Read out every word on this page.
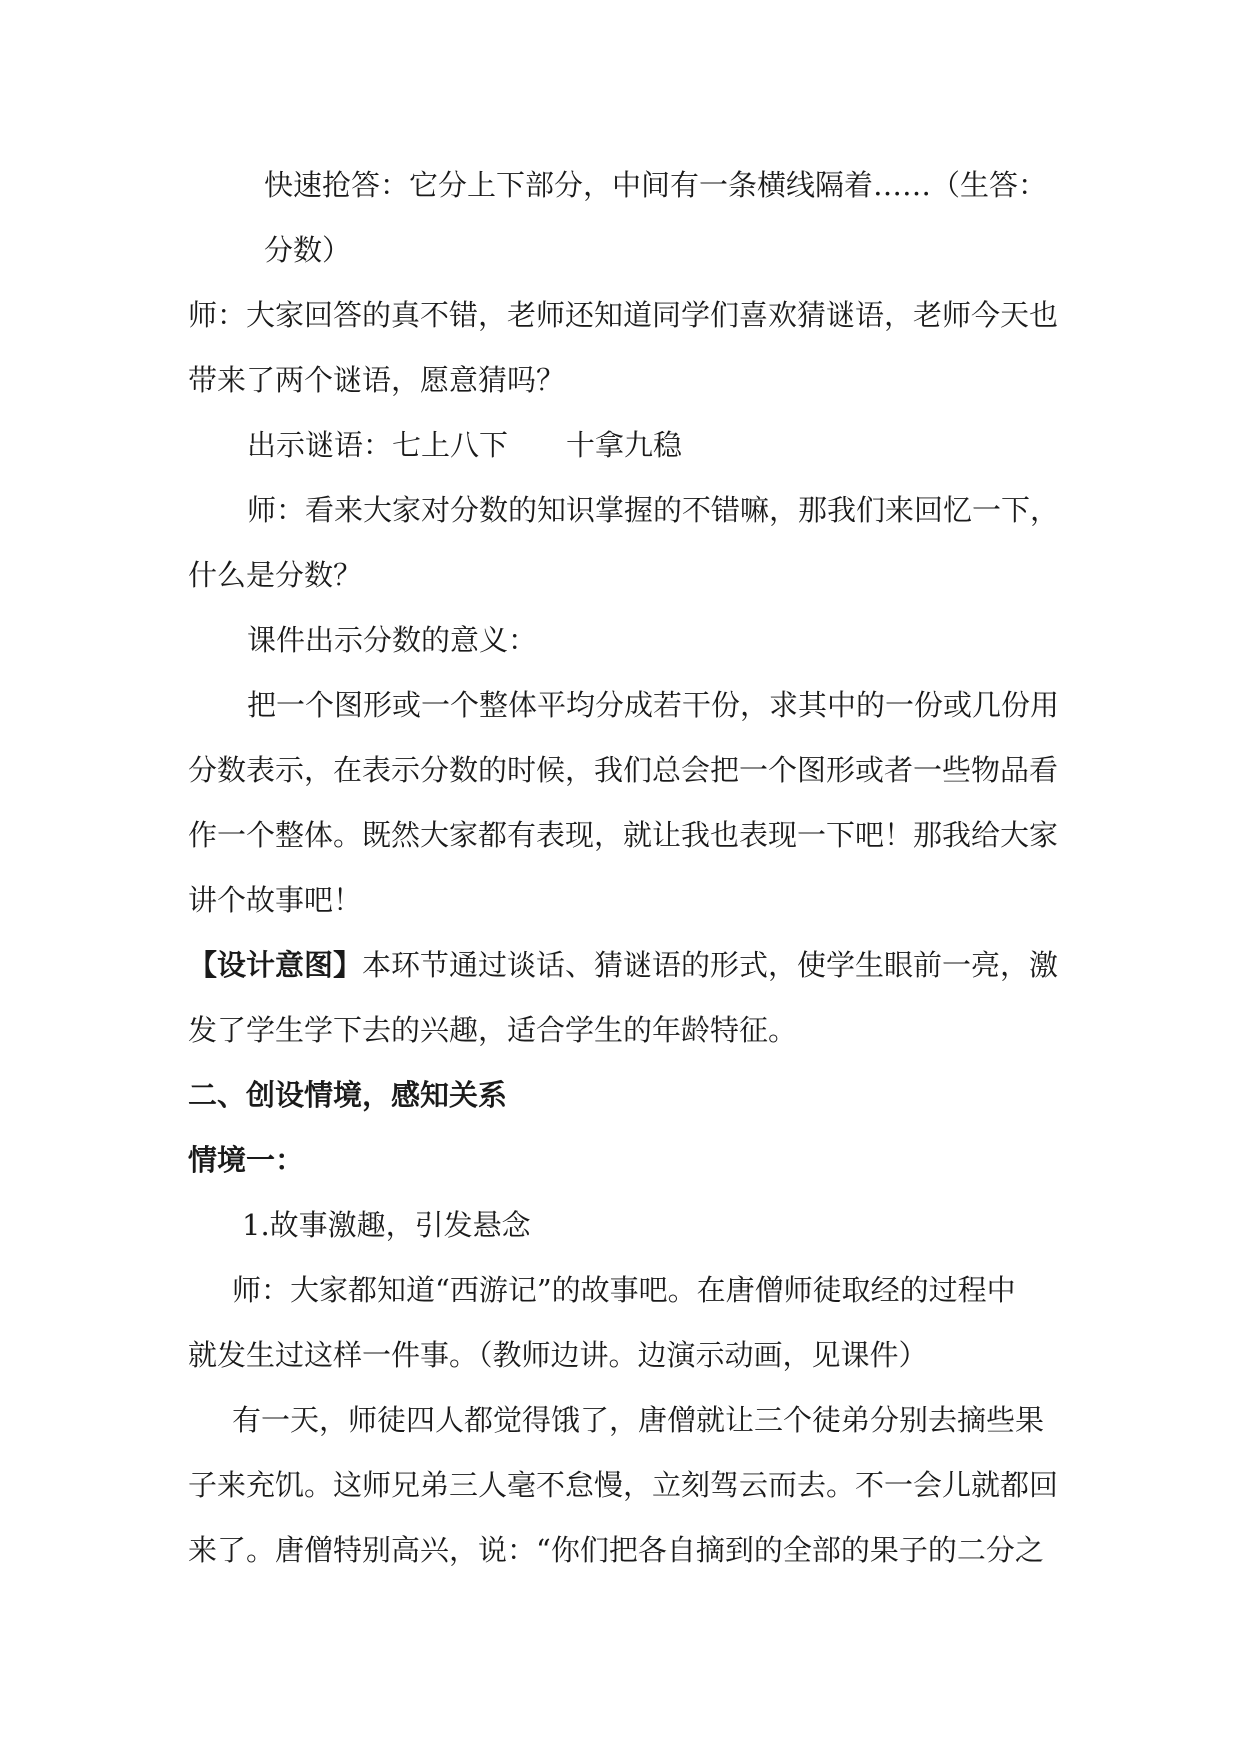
快速抢答：它分上下部分，中间有一条横线隔着……（生答：
分数）
师：大家回答的真不错，老师还知道同学们喜欢猜谜语，老师今天也
带来了两个谜语，愿意猜吗？
出示谜语：七上八下　　十拿九稳
师：看来大家对分数的知识掌握的不错嘛，那我们来回忆一下，
什么是分数？
课件出示分数的意义：
把一个图形或一个整体平均分成若干份，求其中的一份或几份用
分数表示，在表示分数的时候，我们总会把一个图形或者一些物品看
作一个整体。既然大家都有表现，就让我也表现一下吧！那我给大家
讲个故事吧！
【设计意图】本环节通过谈话、猜谜语的形式，使学生眼前一亮，激
发了学生学下去的兴趣，适合学生的年龄特征。
二、创设情境，感知关系
情境一：
1.故事激趣，引发悬念
师：大家都知道“西游记”的故事吧。在唐僧师徒取经的过程中
就发生过这样一件事。（教师边讲。边演示动画，见课件）
有一天，师徒四人都觉得饿了，唐僧就让三个徒弟分别去摘些果
子来充饥。这师兄弟三人毫不怠慢，立刻驾云而去。不一会儿就都回
来了。唐僧特别高兴，说：“你们把各自摘到的全部的果子的二分之
